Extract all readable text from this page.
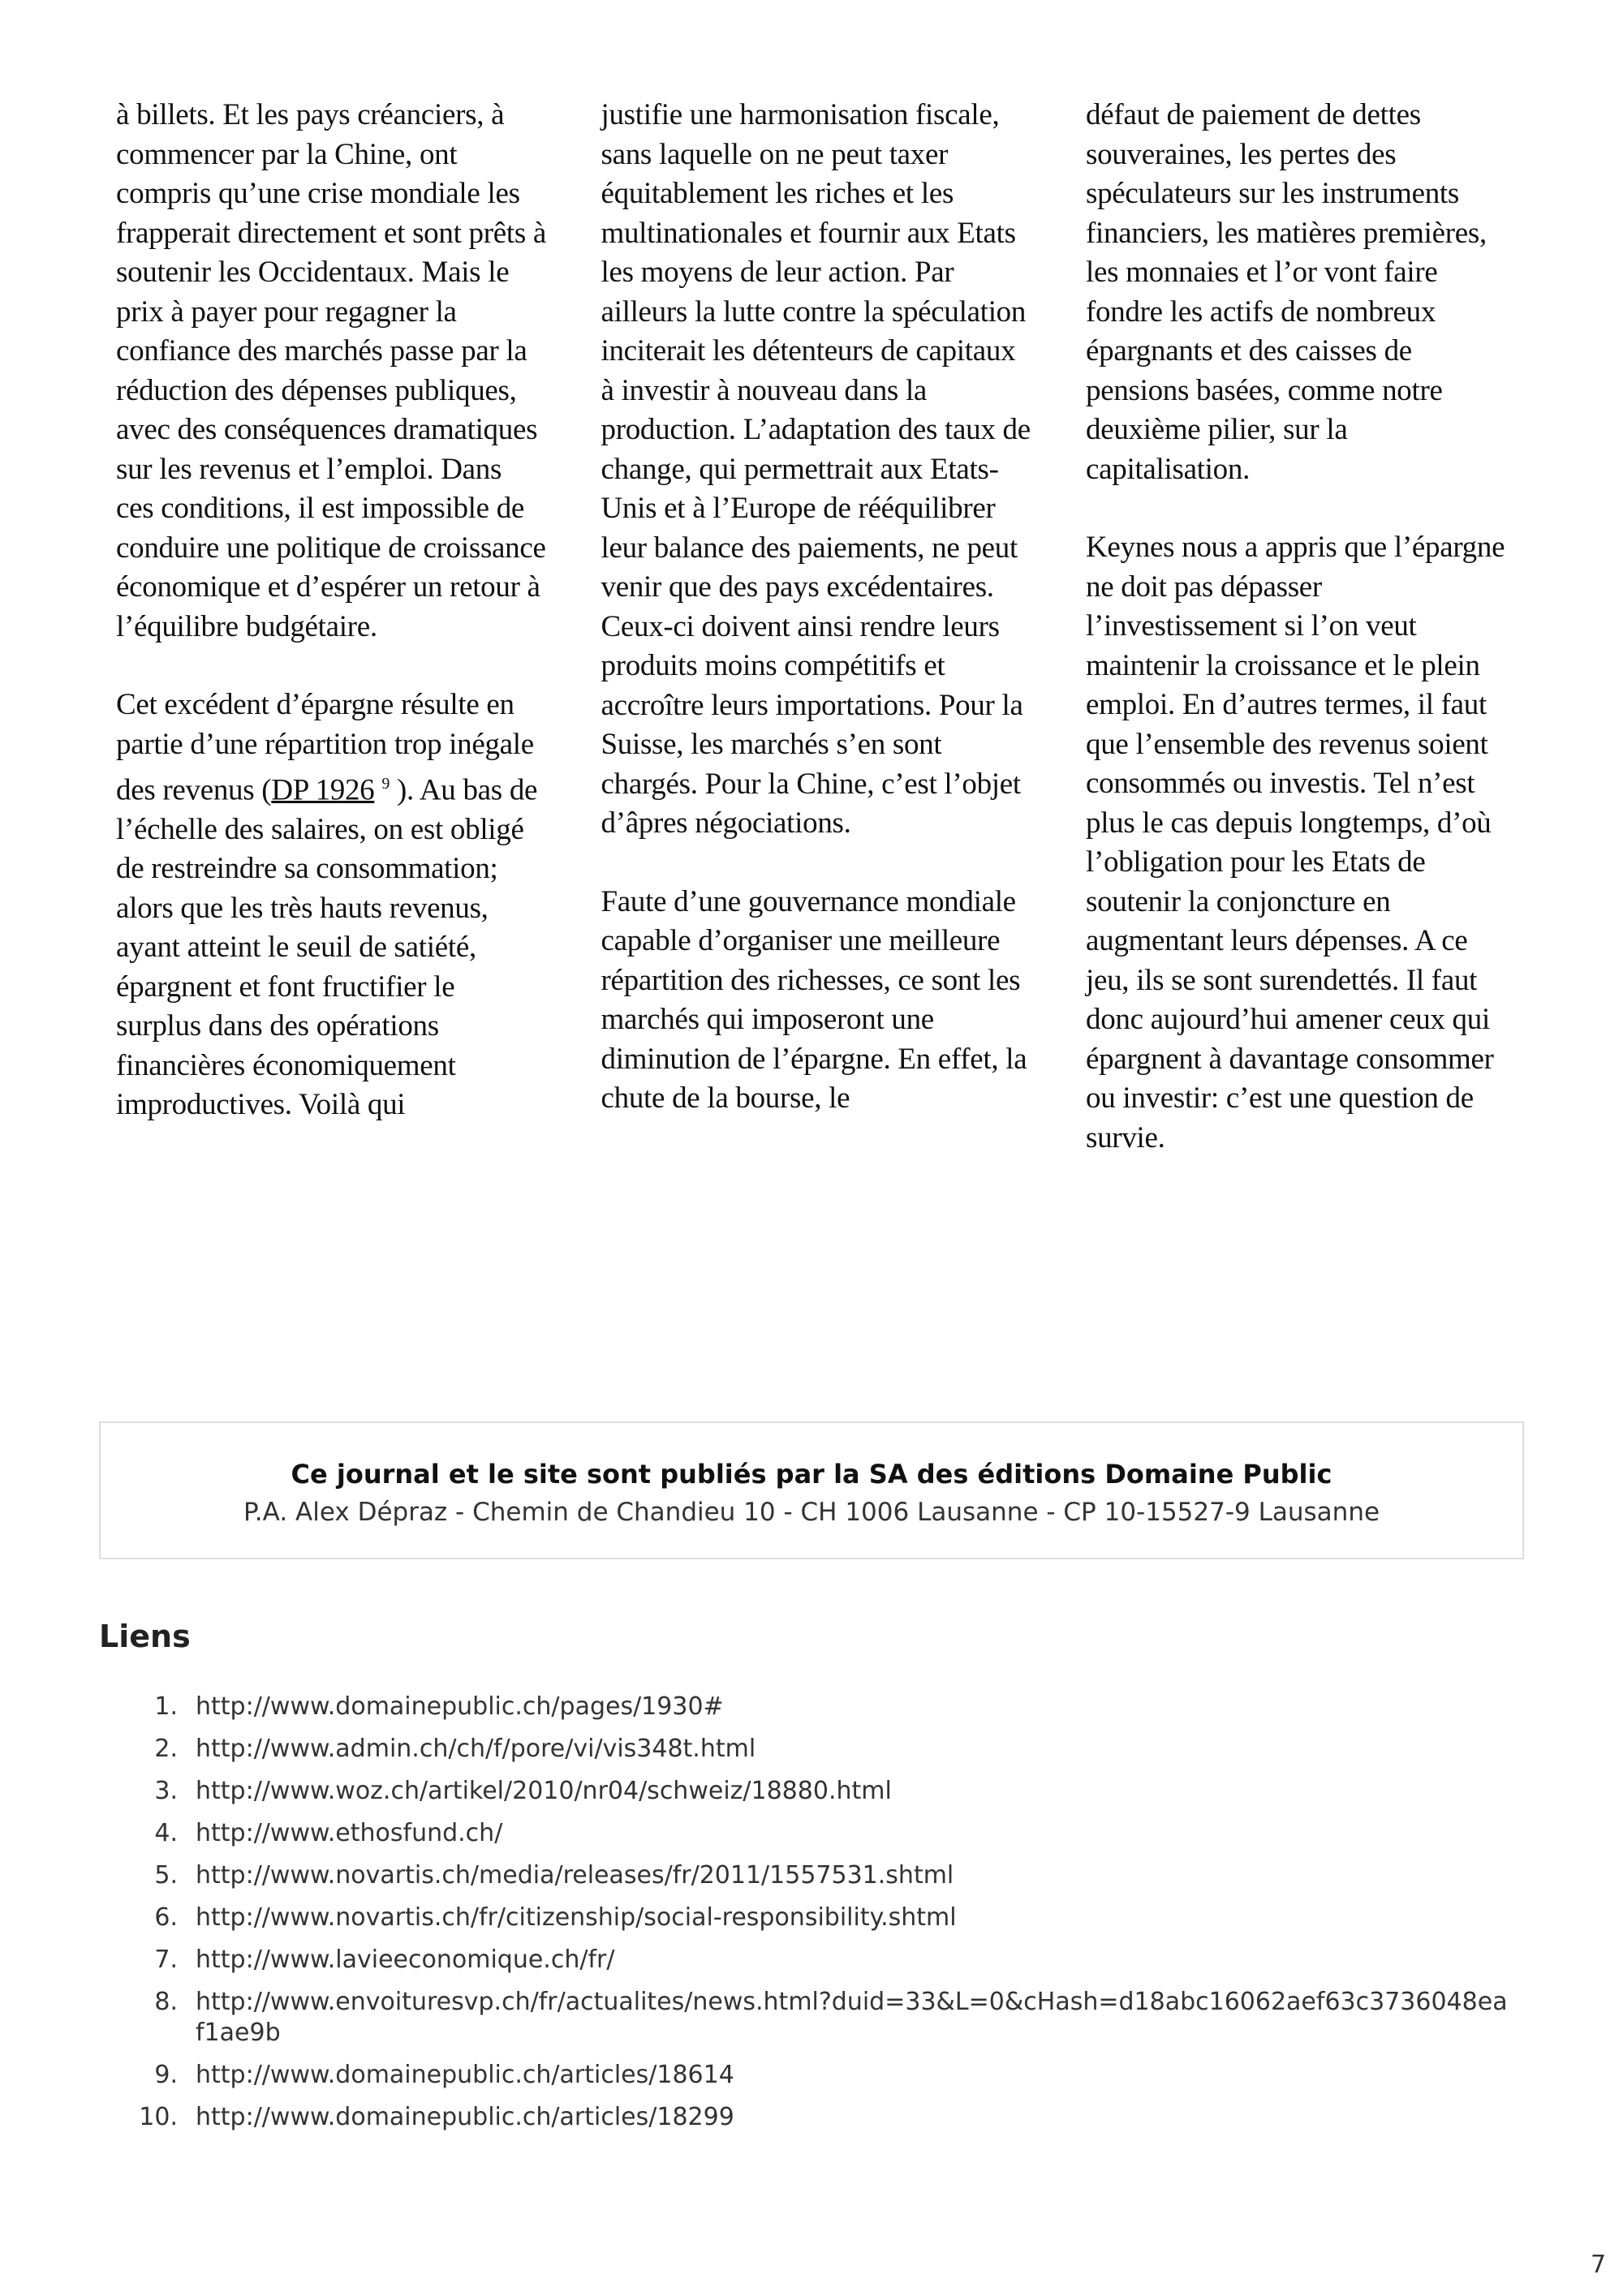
à billets. Et les pays créanciers, à commencer par la Chine, ont compris qu’une crise mondiale les frapperait directement et sont prêts à soutenir les Occidentaux. Mais le prix à payer pour regagner la confiance des marchés passe par la réduction des dépenses publiques, avec des conséquences dramatiques sur les revenus et l’emploi. Dans ces conditions, il est impossible de conduire une politique de croissance économique et d’espérer un retour à l’équilibre budgétaire.

Cet excédent d’épargne résulte en partie d’une répartition trop inégale des revenus (DP 1926 $^9$ ). Au bas de l’échelle des salaires, on est obligé de restreindre sa consommation; alors que les très hauts revenus, ayant atteint le seuil de satiété, épargnent et font fructifier le surplus dans des opérations financières économiquement improductives. Voilà qui

justifie une harmonisation fiscale, sans laquelle on ne peut taxer équitablement les riches et les multinationales et fournir aux Etats les moyens de leur action. Par ailleurs la lutte contre la spéculation inciterait les détenteurs de capitaux à investir à nouveau dans la production. L’adaptation des taux de change, qui permettrait aux Etats-Unis et à l’Europe de rééquilibrer leur balance des paiements, ne peut venir que des pays excédentaires. Ceux-ci doivent ainsi rendre leurs produits moins compétitifs et accroître leurs importations. Pour la Suisse, les marchés s’en sont chargés. Pour la Chine, c’est l’objet d’âpres négociations.

Faute d’une gouvernance mondiale capable d’organiser une meilleure répartition des richesses, ce sont les marchés qui imposeront une diminution de l’épargne. En effet, la chute de la bourse, le

défaut de paiement de dettes souveraines, les pertes des spéculateurs sur les instruments financiers, les matières premières, les monnaies et l’or vont faire fondre les actifs de nombreux épargnants et des caisses de pensions basées, comme notre deuxième pilier, sur la capitalisation.

Keynes nous a appris que l’épargne ne doit pas dépasser l’investissement si l’on veut maintenir la croissance et le plein emploi. En d’autres termes, il faut que l’ensemble des revenus soient consommés ou investis. Tel n’est plus le cas depuis longtemps, d’où l’obligation pour les Etats de soutenir la conjoncture en augmentant leurs dépenses. A ce jeu, ils se sont surendettés. Il faut donc aujourd’hui amener ceux qui épargnent à davantage consommer ou investir: c’est une question de survie.

Ce journal et le site sont publiés par la SA des éditions Domaine Public
P.A. Alex Dépraz - Chemin de Chandieu 10 - CH 1006 Lausanne - CP 10-15527-9 Lausanne
Liens
1. http://www.domainepublic.ch/pages/1930#
2. http://www.admin.ch/ch/f/pore/vi/vis348t.html
3. http://www.woz.ch/artikel/2010/nr04/schweiz/18880.html
4. http://www.ethosfund.ch/
5. http://www.novartis.ch/media/releases/fr/2011/1557531.shtml
6. http://www.novartis.ch/fr/citizenship/social-responsibility.shtml
7. http://www.lavieeconomique.ch/fr/
8. http://www.envoituresvp.ch/fr/actualites/news.html?duid=33&L=0&cHash=d18abc16062aef63c3736048eaf1ae9b
9. http://www.domainepublic.ch/articles/18614
10. http://www.domainepublic.ch/articles/18299
7
